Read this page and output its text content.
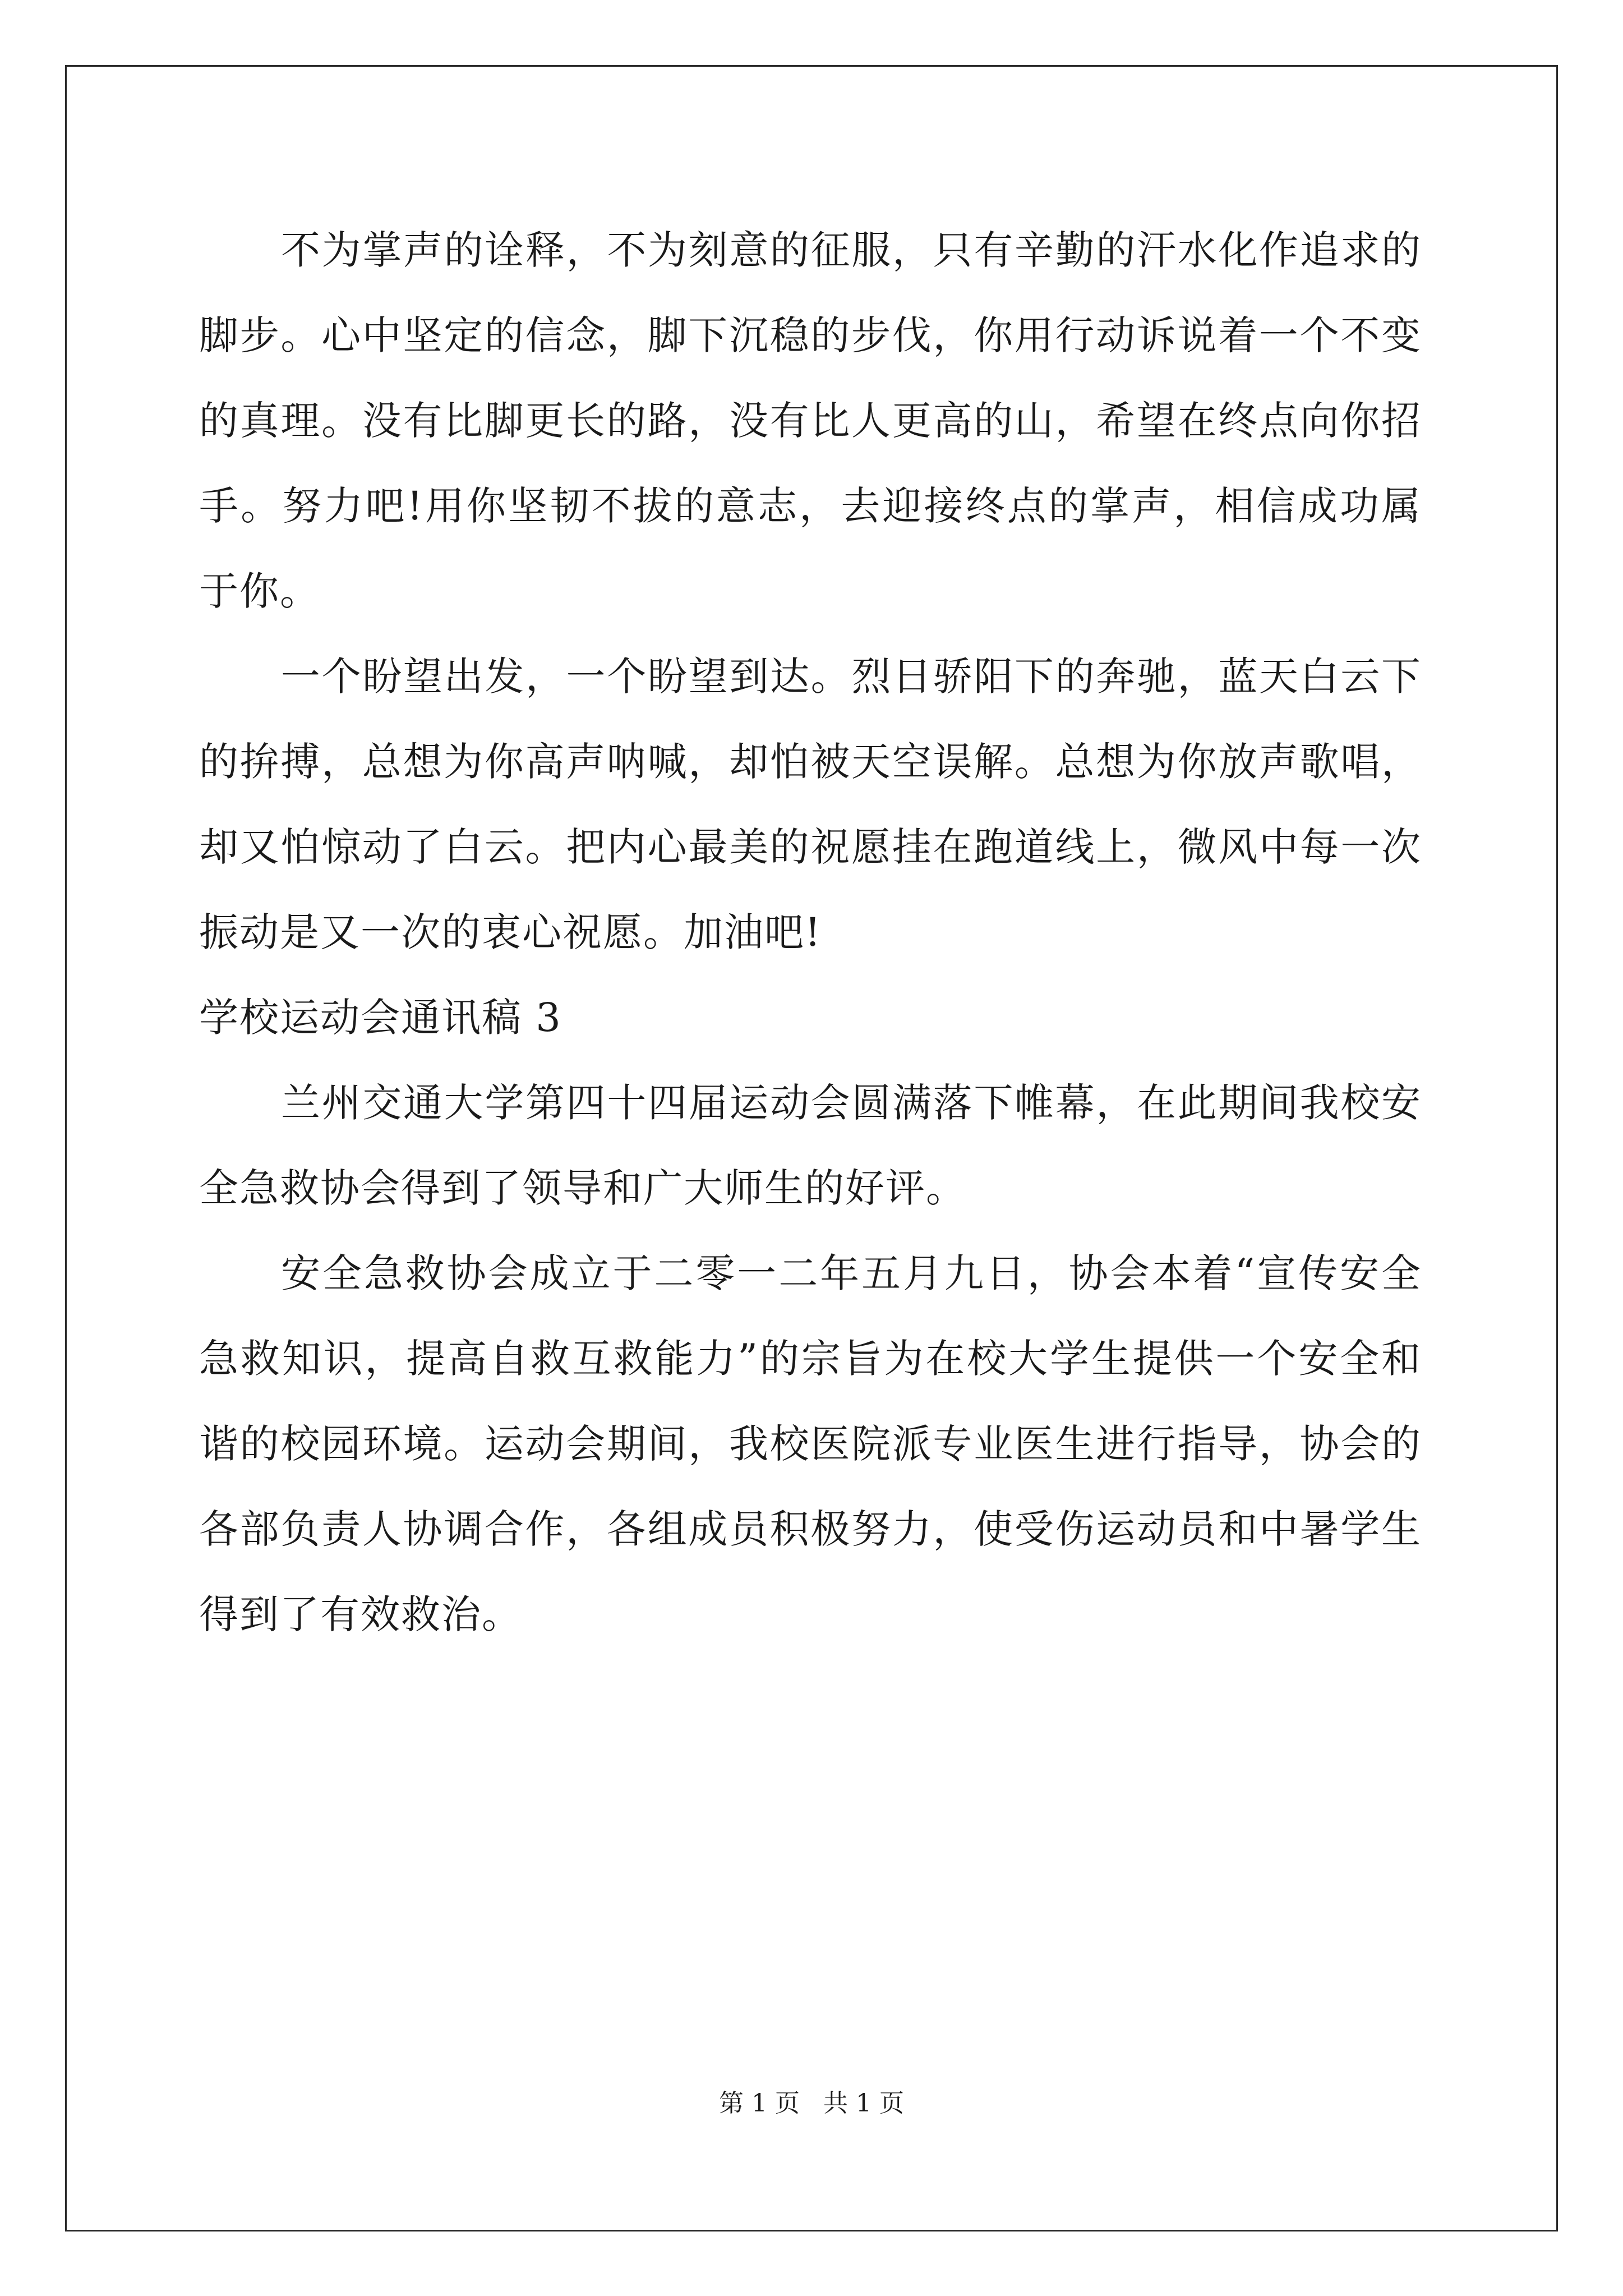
不为掌声的诠释，不为刻意的征服，只有辛勤的汗水化作追求的脚步。心中坚定的信念，脚下沉稳的步伐，你用行动诉说着一个不变的真理。没有比脚更长的路，没有比人更高的山，希望在终点向你招手。努力吧!用你坚韧不拔的意志，去迎接终点的掌声，相信成功属于你。

一个盼望出发，一个盼望到达。烈日骄阳下的奔驰，蓝天白云下的拚搏，总想为你高声呐喊，却怕被天空误解。总想为你放声歌唱，却又怕惊动了白云。把内心最美的祝愿挂在跑道线上，微风中每一次振动是又一次的衷心祝愿。加油吧!

学校运动会通讯稿 3

兰州交通大学第四十四届运动会圆满落下帷幕，在此期间我校安全急救协会得到了领导和广大师生的好评。

安全急救协会成立于二零一二年五月九日，协会本着“宣传安全急救知识，提高自救互救能力”的宗旨为在校大学生提供一个安全和谐的校园环境。运动会期间，我校医院派专业医生进行指导，协会的各部负责人协调合作，各组成员积极努力，使受伤运动员和中暑学生得到了有效救治。

第 1 页   共 1 页
